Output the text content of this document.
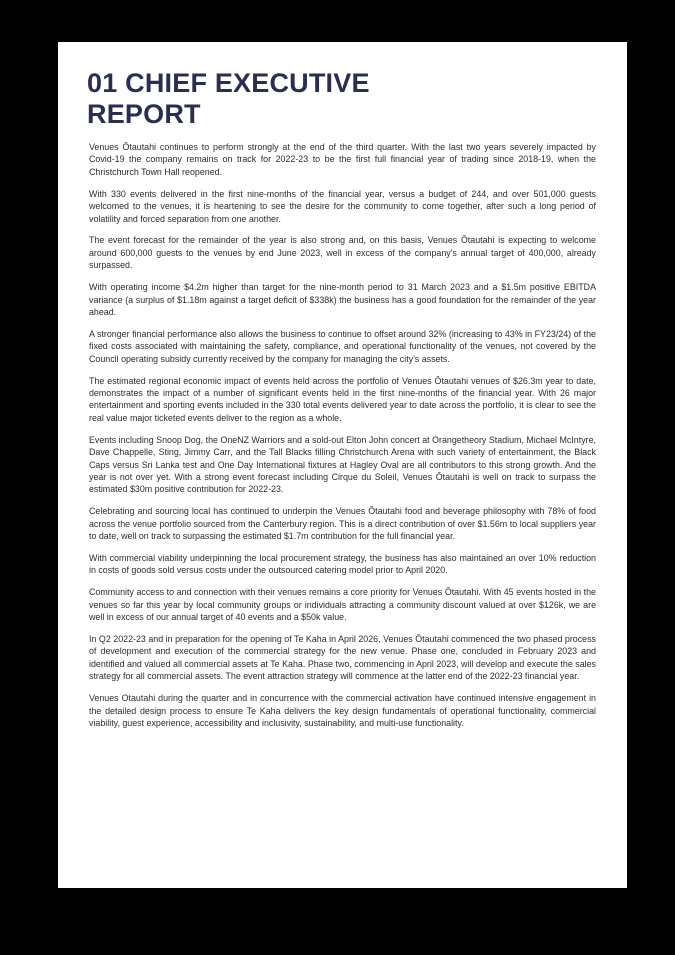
01 CHIEF EXECUTIVE
REPORT

Venues Ōtautahi continues to perform strongly at the end of the third quarter. With the last two years severely impacted by Covid-19 the company remains on track for 2022-23 to be the first full financial year of trading since 2018-19, when the Christchurch Town Hall reopened.

With 330 events delivered in the first nine-months of the financial year, versus a budget of 244, and over 501,000 guests welcomed to the venues, it is heartening to see the desire for the community to come together, after such a long period of volatility and forced separation from one another.

The event forecast for the remainder of the year is also strong and, on this basis, Venues Ōtautahi is expecting to welcome around 600,000 guests to the venues by end June 2023, well in excess of the company's annual target of 400,000, already surpassed.

With operating income $4.2m higher than target for the nine-month period to 31 March 2023 and a $1.5m positive EBITDA variance (a surplus of $1.18m against a target deficit of $338k) the business has a good foundation for the remainder of the year ahead.

A stronger financial performance also allows the business to continue to offset around 32% (increasing to 43% in FY23/24) of the fixed costs associated with maintaining the safety, compliance, and operational functionality of the venues, not covered by the Council operating subsidy currently received by the company for managing the city's assets.

The estimated regional economic impact of events held across the portfolio of Venues Ōtautahi venues of $26.3m year to date, demonstrates the impact of a number of significant events held in the first nine-months of the financial year. With 26 major entertainment and sporting events included in the 330 total events delivered year to date across the portfolio, it is clear to see the real value major ticketed events deliver to the region as a whole.

Events including Snoop Dog, the OneNZ Warriors and a sold-out Elton John concert at Orangetheory Stadium, Michael McIntyre, Dave Chappelle, Sting, Jimmy Carr, and the Tall Blacks filling Christchurch Arena with such variety of entertainment, the Black Caps versus Sri Lanka test and One Day International fixtures at Hagley Oval are all contributors to this strong growth. And the year is not over yet. With a strong event forecast including Cirque du Soleil, Venues Ōtautahi is well on track to surpass the estimated $30m positive contribution for 2022-23.

Celebrating and sourcing local has continued to underpin the Venues Ōtautahi food and beverage philosophy with 78% of food across the venue portfolio sourced from the Canterbury region. This is a direct contribution of over $1.56m to local suppliers year to date, well on track to surpassing the estimated $1.7m contribution for the full financial year.

With commercial viability underpinning the local procurement strategy, the business has also maintained an over 10% reduction in costs of goods sold versus costs under the outsourced catering model prior to April 2020.

Community access to and connection with their venues remains a core priority for Venues Ōtautahi. With 45 events hosted in the venues so far this year by local community groups or individuals attracting a community discount valued at over $126k, we are well in excess of our annual target of 40 events and a $50k value.

In Q2 2022-23 and in preparation for the opening of Te Kaha in April 2026, Venues Ōtautahi commenced the two phased process of development and execution of the commercial strategy for the new venue. Phase one, concluded in February 2023 and identified and valued all commercial assets at Te Kaha. Phase two, commencing in April 2023, will develop and execute the sales strategy for all commercial assets. The event attraction strategy will commence at the latter end of the 2022-23 financial year.

Venues Otautahi during the quarter and in concurrence with the commercial activation have continued intensive engagement in the detailed design process to ensure Te Kaha delivers the key design fundamentals of operational functionality, commercial viability, guest experience, accessibility and inclusivity, sustainability, and multi-use functionality.
